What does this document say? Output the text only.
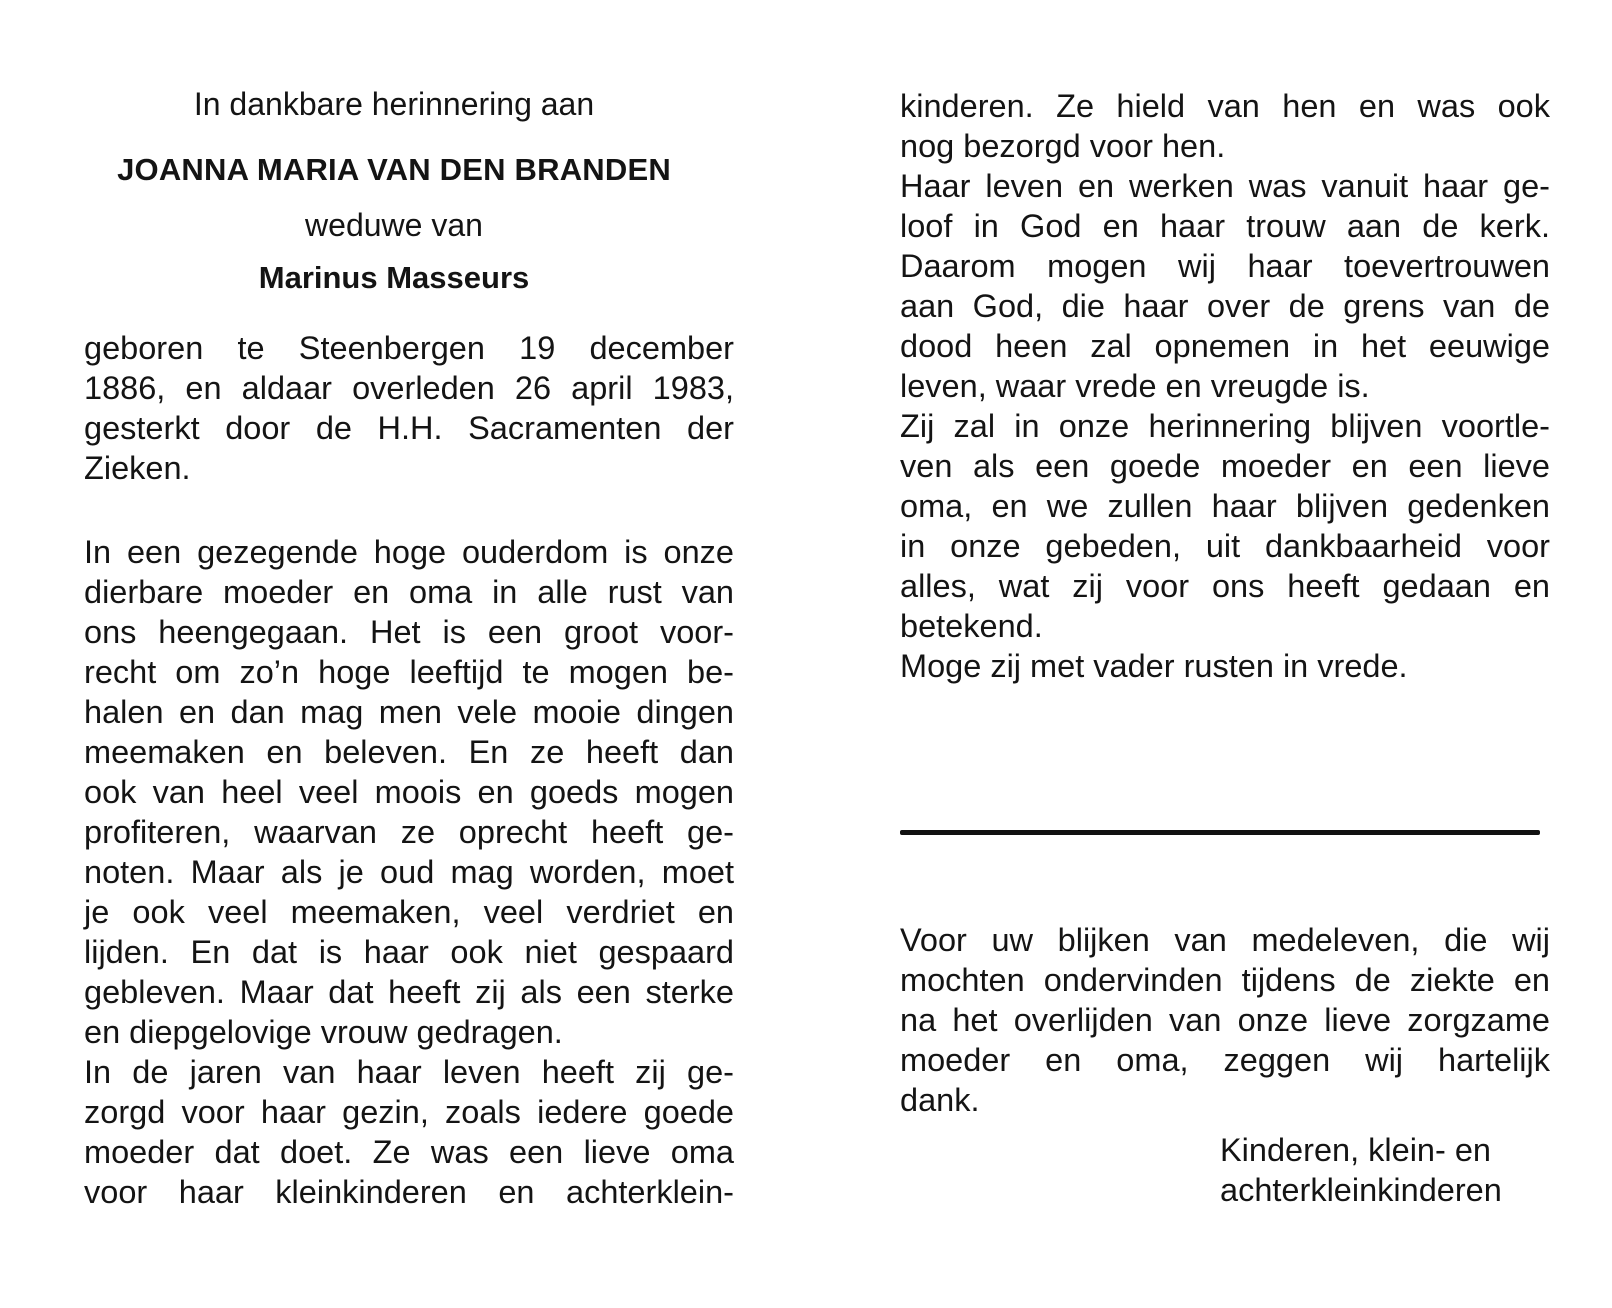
In dankbare herinnering aan
JOANNA MARIA VAN DEN BRANDEN
weduwe van
Marinus Masseurs
geboren te Steenbergen 19 december
1886, en aldaar overleden 26 april 1983,
gesterkt door de H.H. Sacramenten der
Zieken.
In een gezegende hoge ouderdom is onze
dierbare moeder en oma in alle rust van
ons heengegaan. Het is een groot voor-
recht om zo’n hoge leeftijd te mogen be-
halen en dan mag men vele mooie dingen
meemaken en beleven. En ze heeft dan
ook van heel veel moois en goeds mogen
profiteren, waarvan ze oprecht heeft ge-
noten. Maar als je oud mag worden, moet
je ook veel meemaken, veel verdriet en
lijden. En dat is haar ook niet gespaard
gebleven. Maar dat heeft zij als een sterke
en diepgelovige vrouw gedragen.
In de jaren van haar leven heeft zij ge-
zorgd voor haar gezin, zoals iedere goede
moeder dat doet. Ze was een lieve oma
voor haar kleinkinderen en achterklein-
kinderen. Ze hield van hen en was ook
nog bezorgd voor hen.
Haar leven en werken was vanuit haar ge-
loof in God en haar trouw aan de kerk.
Daarom mogen wij haar toevertrouwen
aan God, die haar over de grens van de
dood heen zal opnemen in het eeuwige
leven, waar vrede en vreugde is.
Zij zal in onze herinnering blijven voortle-
ven als een goede moeder en een lieve
oma, en we zullen haar blijven gedenken
in onze gebeden, uit dankbaarheid voor
alles, wat zij voor ons heeft gedaan en
betekend.
Moge zij met vader rusten in vrede.
Voor uw blijken van medeleven, die wij
mochten ondervinden tijdens de ziekte en
na het overlijden van onze lieve zorgzame
moeder en oma, zeggen wij hartelijk
dank.
Kinderen, klein- en
achterkleinkinderen
